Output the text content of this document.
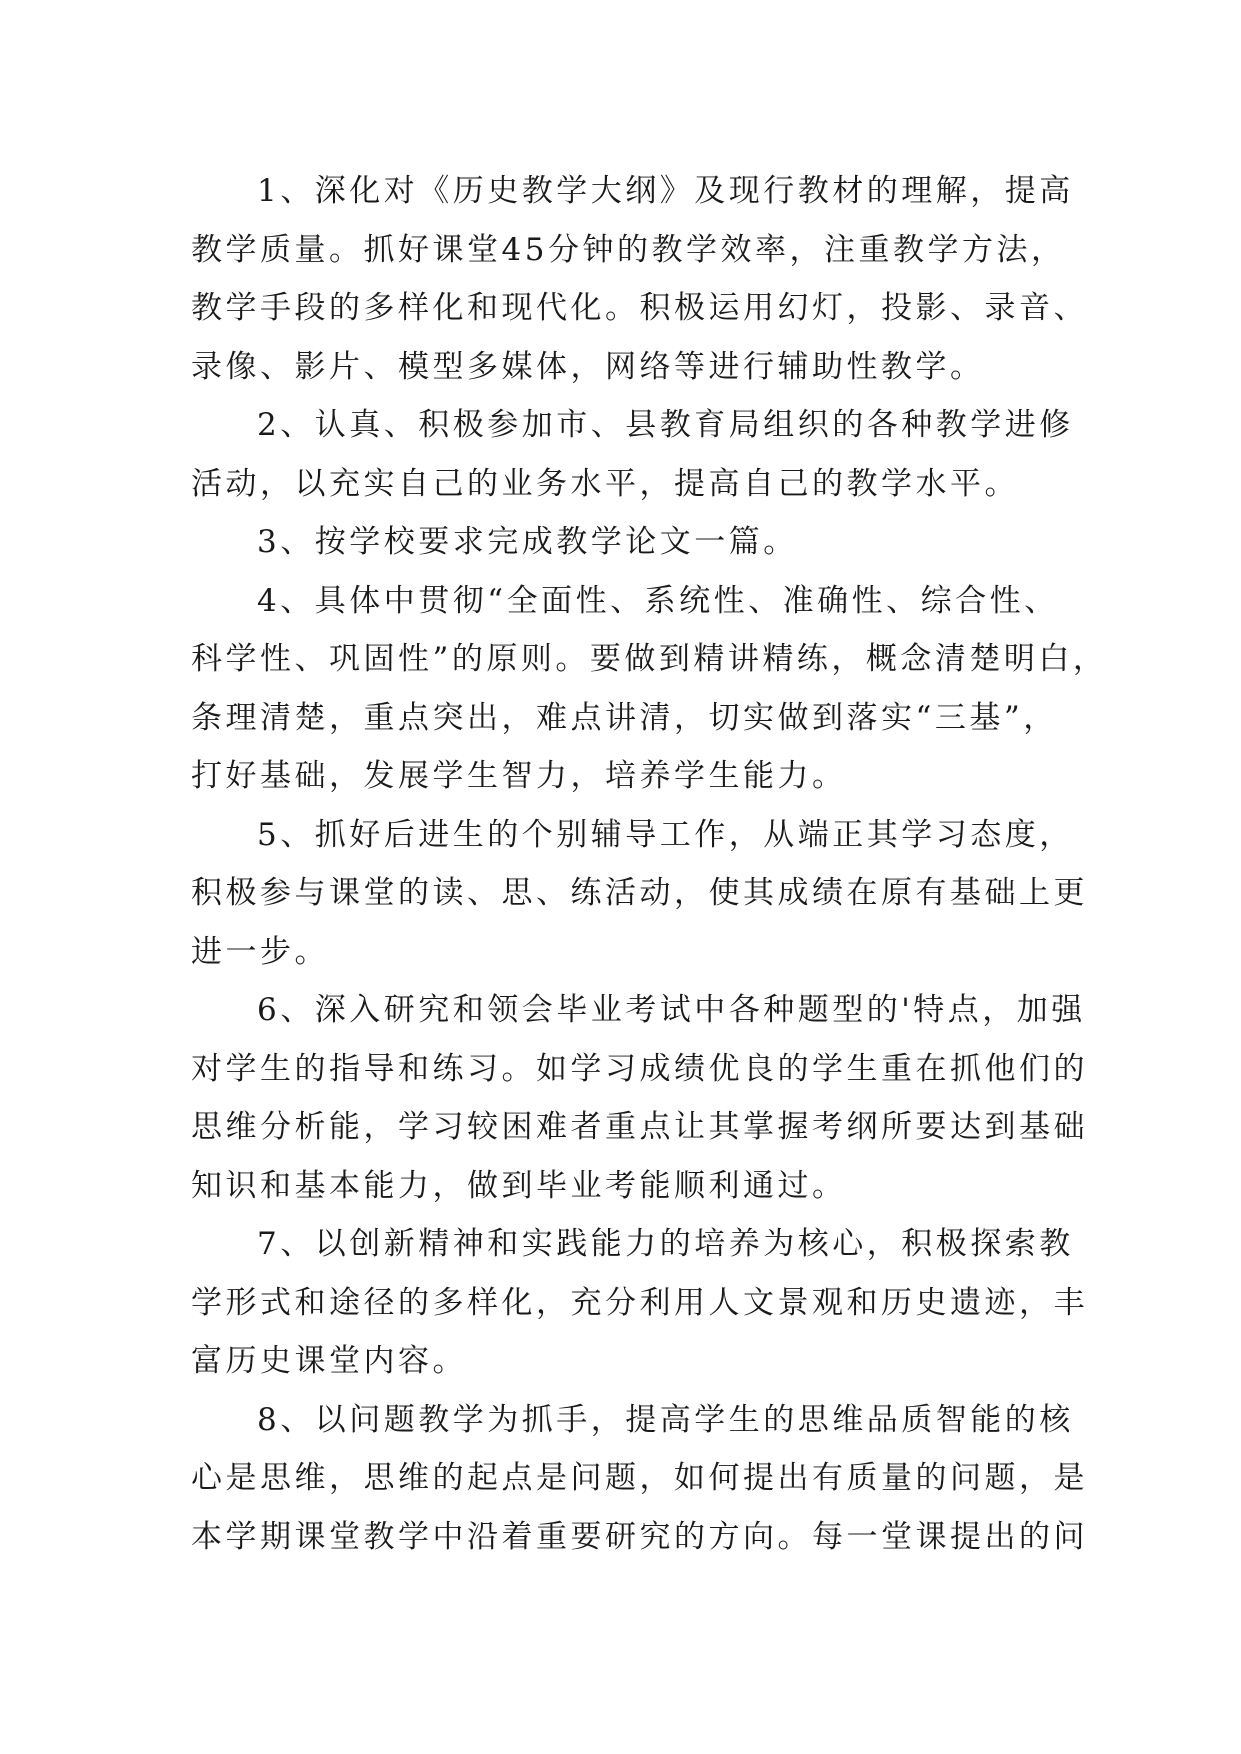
1、深化对《历史教学大纲》及现行教材的理解，提高
教学质量。抓好课堂45分钟的教学效率，注重教学方法，
教学手段的多样化和现代化。积极运用幻灯，投影、录音、
录像、影片、模型多媒体，网络等进行辅助性教学。
2、认真、积极参加市、县教育局组织的各种教学进修
活动，以充实自己的业务水平，提高自己的教学水平。
3、按学校要求完成教学论文一篇。
4、具体中贯彻“全面性、系统性、准确性、综合性、
科学性、巩固性”的原则。要做到精讲精练，概念清楚明白，
条理清楚，重点突出，难点讲清，切实做到落实“三基”，
打好基础，发展学生智力，培养学生能力。
5、抓好后进生的个别辅导工作，从端正其学习态度，
积极参与课堂的读、思、练活动，使其成绩在原有基础上更
进一步。
6、深入研究和领会毕业考试中各种题型的'特点，加强
对学生的指导和练习。如学习成绩优良的学生重在抓他们的
思维分析能，学习较困难者重点让其掌握考纲所要达到基础
知识和基本能力，做到毕业考能顺利通过。
7、以创新精神和实践能力的培养为核心，积极探索教
学形式和途径的多样化，充分利用人文景观和历史遗迹，丰
富历史课堂内容。
8、以问题教学为抓手，提高学生的思维品质智能的核
心是思维，思维的起点是问题，如何提出有质量的问题，是
本学期课堂教学中沿着重要研究的方向。每一堂课提出的问
